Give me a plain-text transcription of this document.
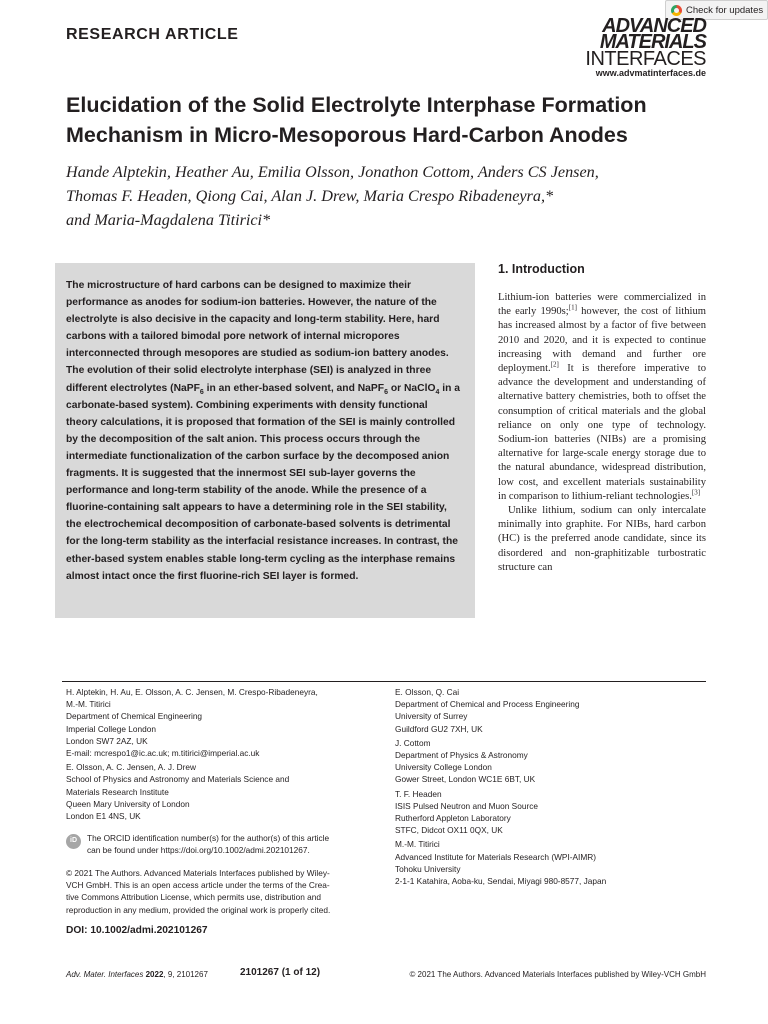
RESEARCH ARTICLE
Check for updates
ADVANCED
MATERIALS
INTERFACES
www.advmatinterfaces.de
Elucidation of the Solid Electrolyte Interphase Formation Mechanism in Micro-Mesoporous Hard-Carbon Anodes
Hande Alptekin, Heather Au, Emilia Olsson, Jonathon Cottom, Anders CS Jensen,
Thomas F. Headen, Qiong Cai, Alan J. Drew, Maria Crespo Ribadeneyra,*
and Maria-Magdalena Titirici*
The microstructure of hard carbons can be designed to maximize their performance as anodes for sodium-ion batteries. However, the nature of the electrolyte is also decisive in the capacity and long-term stability. Here, hard carbons with a tailored bimodal pore network of internal micropores interconnected through mesopores are studied as sodium-ion battery anodes. The evolution of their solid electrolyte interphase (SEI) is analyzed in three different electrolytes (NaPF$_6$ in an ether-based solvent, and NaPF$_6$ or NaClO$_4$ in a carbonate-based system). Combining experiments with density functional theory calculations, it is proposed that formation of the SEI is mainly controlled by the decomposition of the salt anion. This process occurs through the intermediate functionalization of the carbon surface by the decomposed anion fragments. It is suggested that the innermost SEI sub-layer governs the performance and long-term stability of the anode. While the presence of a fluorine-containing salt appears to have a determining role in the SEI stability, the electrochemical decomposition of carbonate-based solvents is detrimental for the long-term stability as the interfacial resistance increases. In contrast, the ether-based system enables stable long-term cycling as the interphase remains almost intact once the first fluorine-rich SEI layer is formed.
1. Introduction

Lithium-ion batteries were commercialized in the early 1990s;[1] however, the cost of lithium has increased almost by a factor of five between 2010 and 2020, and it is expected to continue increasing with demand and further ore deployment.[2] It is therefore imperative to advance the development and understanding of alternative battery chemistries, both to offset the consumption of critical materials and the global reliance on only one type of technology. Sodium-ion batteries (NIBs) are a promising alternative for large-scale energy storage due to the natural abundance, widespread distribution, low cost, and excellent materials sustainability in comparison to lithium-reliant technologies.[3]

Unlike lithium, sodium can only intercalate minimally into graphite. For NIBs, hard carbon (HC) is the preferred anode candidate, since its disordered and non-graphitizable turbostratic structure can

H. Alptekin, H. Au, E. Olsson, A. C. Jensen, M. Crespo-Ribadeneyra,
M.-M. Titirici
Department of Chemical Engineering
Imperial College London
London SW7 2AZ, UK
E-mail: mcrespo1@ic.ac.uk; m.titirici@imperial.ac.uk
E. Olsson, A. C. Jensen, A. J. Drew
School of Physics and Astronomy and Materials Science and
Materials Research Institute
Queen Mary University of London
London E1 4NS, UK
E. Olsson, Q. Cai
Department of Chemical and Process Engineering
University of Surrey
Guildford GU2 7XH, UK
J. Cottom
Department of Physics & Astronomy
University College London
Gower Street, London WC1E 6BT, UK
T. F. Headen
ISIS Pulsed Neutron and Muon Source
Rutherford Appleton Laboratory
STFC, Didcot OX11 0QX, UK
M.-M. Titirici
Advanced Institute for Materials Research (WPI-AIMR)
Tohoku University
2-1-1 Katahira, Aoba-ku, Sendai, Miyagi 980-8577, Japan
iD	The ORCID identification number(s) for the author(s) of this article
can be found under https://doi.org/10.1002/admi.202101267.
© 2021 The Authors. Advanced Materials Interfaces published by Wiley-
VCH GmbH. This is an open access article under the terms of the Crea-
tive Commons Attribution License, which permits use, distribution and
reproduction in any medium, provided the original work is properly cited.
DOI: 10.1002/admi.202101267
Adv. Mater. Interfaces 2022, 9, 2101267	2101267 (1 of 12)	© 2021 The Authors. Advanced Materials Interfaces published by Wiley-VCH GmbH
